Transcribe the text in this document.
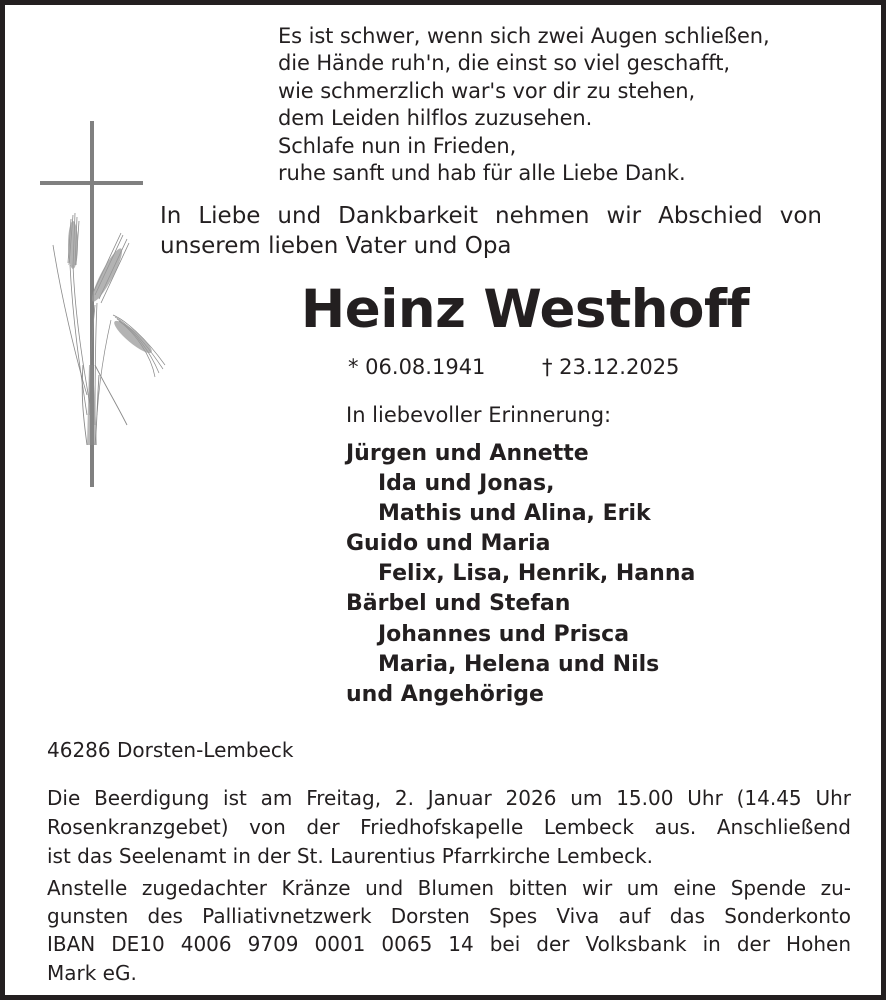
Es ist schwer, wenn sich zwei Augen schließen,
die Hände ruh'n, die einst so viel geschafft,
wie schmerzlich war's vor dir zu stehen,
dem Leiden hilflos zuzusehen.
Schlafe nun in Frieden,
ruhe sanft und hab für alle Liebe Dank.
In Liebe und Dankbarkeit nehmen wir Abschied von
unserem lieben Vater und Opa
Heinz Westhoff
* 06.08.1941	† 23.12.2025
In liebevoller Erinnerung:
Jürgen und Annette
Ida und Jonas,
Mathis und Alina, Erik
Guido und Maria
Felix, Lisa, Henrik, Hanna
Bärbel und Stefan
Johannes und Prisca
Maria, Helena und Nils
und Angehörige
46286 Dorsten-Lembeck
Die Beerdigung ist am Freitag, 2. Januar 2026 um 15.00 Uhr (14.45 Uhr
Rosenkranzgebet) von der Friedhofskapelle Lembeck aus. Anschließend
ist das Seelenamt in der St. Laurentius Pfarrkirche Lembeck.
Anstelle zugedachter Kränze und Blumen bitten wir um eine Spende zu-
gunsten des Palliativnetzwerk Dorsten Spes Viva auf das Sonderkonto
IBAN DE10 4006 9709 0001 0065 14 bei der Volksbank in der Hohen
Mark eG.
